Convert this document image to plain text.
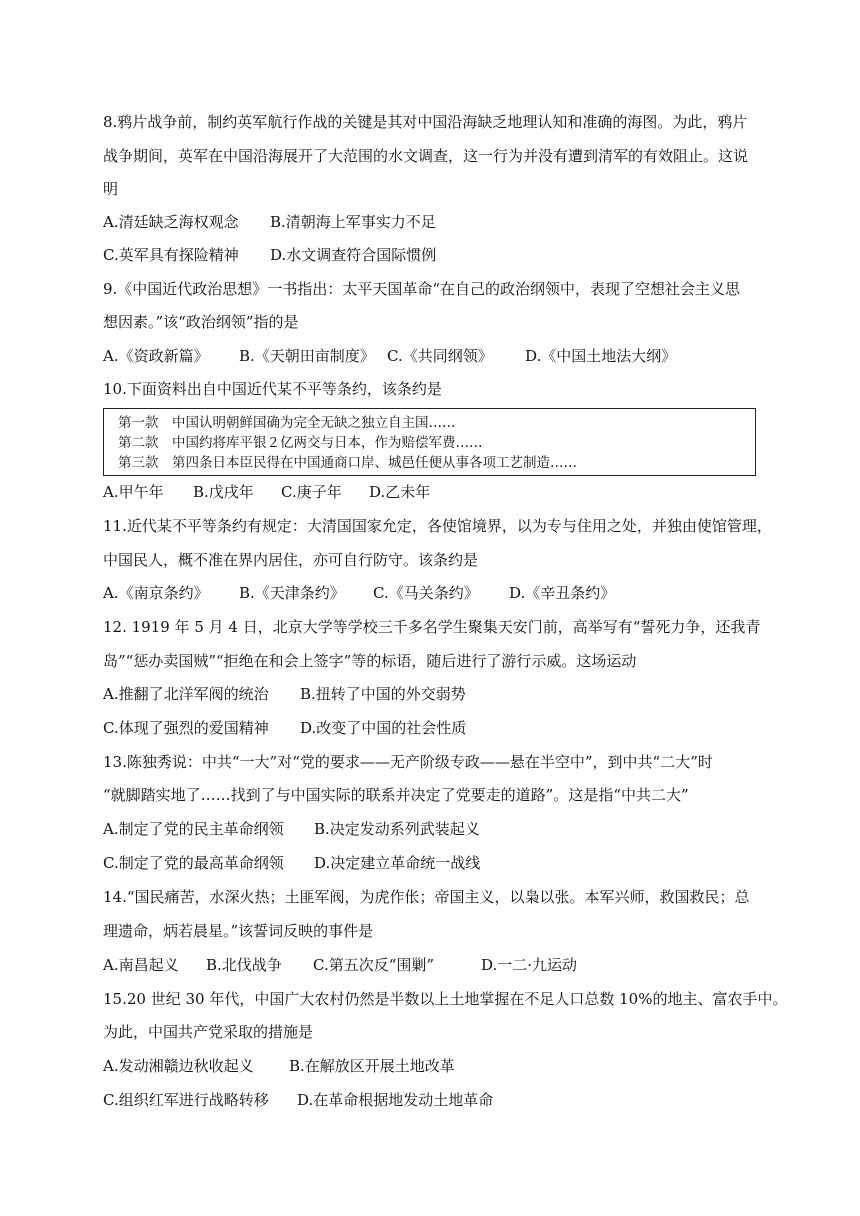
8.鸦片战争前，制约英军航行作战的关键是其对中国沿海缺乏地理认知和准确的海图。为此，鸦片
战争期间，英军在中国沿海展开了大范围的水文调查，这一行为并没有遭到清军的有效阻止。这说
明
A.清廷缺乏海权观念 B.清朝海上军事实力不足
C.英军具有探险精神 D.水文调查符合国际惯例
9.《中国近代政治思想》一书指出：太平天国革命“在自己的政治纲领中，表现了空想社会主义思
想因素。”该“政治纲领”指的是
A.《资政新篇》 B.《天朝田亩制度》 C.《共同纲领》 D.《中国土地法大纲》
10.下面资料出自中国近代某不平等条约，该条约是
第一款　中国认明朝鲜国确为完全无缺之独立自主国……
第二款　中国约将库平银２亿两交与日本，作为赔偿军费……
第三款　第四条日本臣民得在中国通商口岸、城邑任便从事各项工艺制造……
A.甲午年 B.戊戌年 C.庚子年 D.乙未年
11.近代某不平等条约有规定：大清国国家允定，各使馆境界，以为专与住用之处，并独由使馆管理，
中国民人，概不准在界内居住，亦可自行防守。该条约是
A.《南京条约》 B.《天津条约》 C.《马关条约》 D.《辛丑条约》
12. 1919 年 5 月 4 日，北京大学等学校三千多名学生聚集天安门前，高举写有“誓死力争，还我青
岛”“惩办卖国贼”“拒绝在和会上签字”等的标语，随后进行了游行示威。这场运动
A.推翻了北洋军阀的统治 B.扭转了中国的外交弱势
C.体现了强烈的爱国精神 D.改变了中国的社会性质
13.陈独秀说：中共“一大”对“党的要求——无产阶级专政——悬在半空中”，到中共“二大”时
“就脚踏实地了……找到了与中国实际的联系并决定了党要走的道路”。这是指“中共二大”
A.制定了党的民主革命纲领 B.决定发动系列武装起义
C.制定了党的最高革命纲领 D.决定建立革命统一战线
14.“国民痛苦，水深火热；土匪军阀，为虎作伥；帝国主义，以枭以张。本军兴师，救国救民；总
理遗命，炳若晨星。”该誓词反映的事件是
A.南昌起义 B.北伐战争 C.第五次反“围剿”	D.一二·九运动
15.20 世纪 30 年代，中国广大农村仍然是半数以上土地掌握在不足人口总数 10%的地主、富农手中。
为此，中国共产党采取的措施是
A.发动湘赣边秋收起义 B.在解放区开展土地改革
C.组织红军进行战略转移 D.在革命根据地发动土地革命
